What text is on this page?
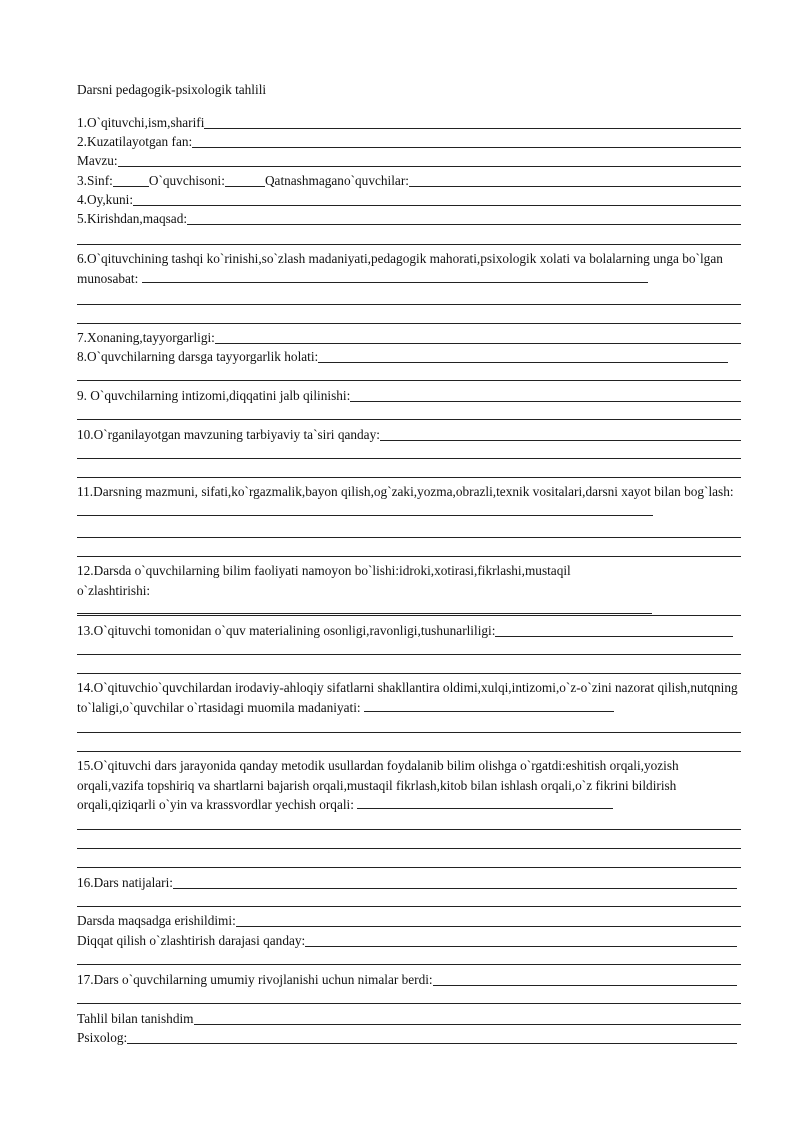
Darsni pedagogik-psixologik tahlili
1.O`qituvchi,ism,sharifi
2.Kuzatilayotgan fan:
Mavzu:
3.Sinf:	O`quvchisoni:	Qatnashmagano`quvchilar:
4.Oy,kuni:
5.Kirishdan,maqsad:
6.O`qituvchining tashqi ko`rinishi,so`zlash madaniyati,pedagogik mahorati,psixologik xolati va bolalarning unga bo`lgan munosabat:
7.Xonaning,tayyorgarligi:
8.O`quvchilarning darsga tayyorgarlik holati:
9. O`quvchilarning intizomi,diqqatini jalb qilinishi:
10.O`rganilayotgan mavzuning tarbiyaviy ta`siri qanday:
11.Darsning mazmuni, sifati,ko`rgazmalik,bayon qilish,og`zaki,yozma,obrazli,texnik vositalari,darsni xayot bilan bog`lash:
12.Darsda o`quvchilarning bilim faoliyati namoyon bo`lishi:idroki,xotirasi,fikrlashi,mustaqil o`zlashtirishi:
13.O`qituvchi tomonidan o`quv materialining osonligi,ravonligi,tushunarliligi:
14.O`qituvchio`quvchilardan irodaviy-ahloqiy sifatlarni shakllantira oldimi,xulqi,intizomi,o`z-o`zini nazorat qilish,nutqning to`laligi,o`quvchilar o`rtasidagi muomila madaniyati:
15.O`qituvchi dars jarayonida qanday metodik usullardan foydalanib bilim olishga o`rgatdi:eshitish orqali,yozish orqali,vazifa topshiriq va shartlarni bajarish orqali,mustaqil fikrlash,kitob bilan ishlash orqali,o`z fikrini bildirish orqali,qiziqarli o`yin va krassvordlar yechish orqali:
16.Dars natijalari:
Darsda maqsadga erishildimi:
Diqqat qilish o`zlashtirish darajasi qanday:
17.Dars o`quvchilarning umumiy rivojlanishi uchun nimalar berdi:
Tahlil bilan tanishdim
Psixolog:
